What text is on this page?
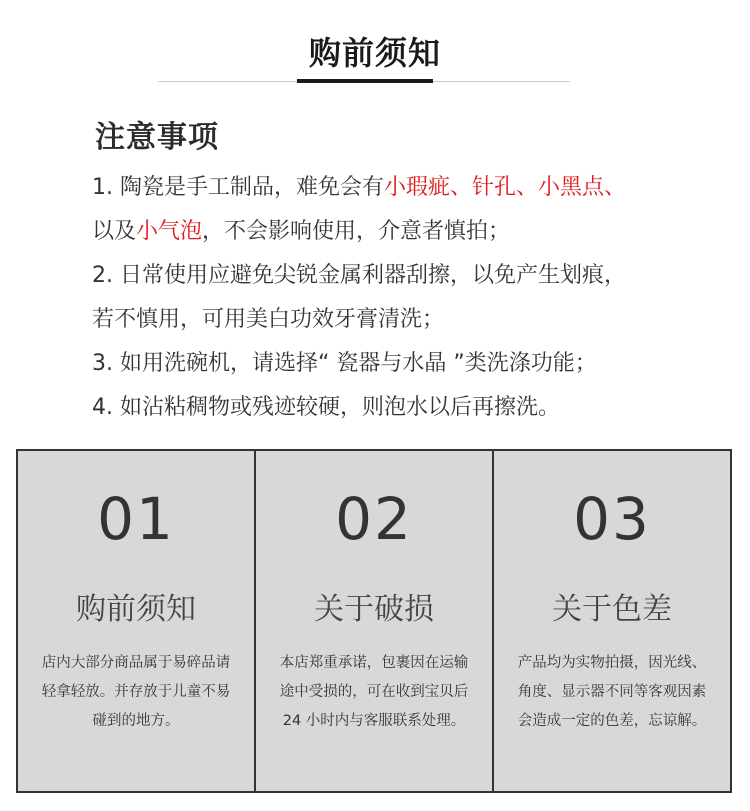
购前须知
注意事项
1. 陶瓷是手工制品，难免会有小瑕疵、针孔、小黑点、
以及小气泡，不会影响使用，介意者慎拍；
2. 日常使用应避免尖锐金属利器刮擦，以免产生划痕，
若不慎用，可用美白功效牙膏清洗；
3. 如用洗碗机，请选择“ 瓷器与水晶 ”类洗涤功能；
4. 如沾粘稠物或残迹较硬，则泡水以后再擦洗。
01
购前须知
店内大部分商品属于易碎品请
轻拿轻放。并存放于儿童不易
碰到的地方。
02
关于破损
本店郑重承诺，包裹因在运输
途中受损的，可在收到宝贝后
24 小时内与客服联系处理。
03
关于色差
产品均为实物拍摄，因光线、
角度、显示器不同等客观因素
会造成一定的色差，忘谅解。
